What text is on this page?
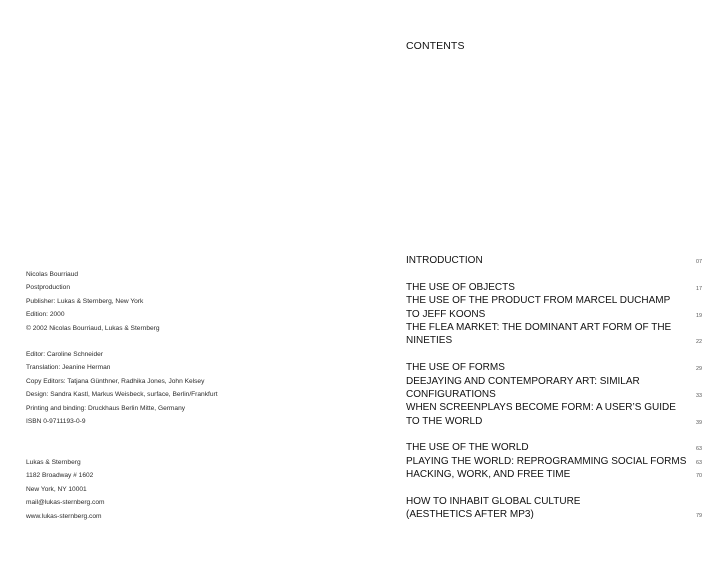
Nicolas Bourriaud
Postproduction
Publisher: Lukas & Sternberg, New York
Edition: 2000
© 2002 Nicolas Bourriaud, Lukas & Sternberg
Editor: Caroline Schneider
Translation: Jeanine Herman
Copy Editors: Tatjana Günthner, Radhika Jones, John Kelsey
Design: Sandra Kastl, Markus Weisbeck, surface, Berlin/Frankfurt
Printing and binding: Druckhaus Berlin Mitte, Germany
ISBN 0-9711193-0-9
Lukas & Sternberg
1182 Broadway # 1602
New York, NY 10001
mail@lukas-sternberg.com
www.lukas-sternberg.com
CONTENTS
INTRODUCTION	07
THE USE OF OBJECTS	17
THE USE OF THE PRODUCT FROM MARCEL DUCHAMP
TO JEFF KOONS	19
THE FLEA MARKET: THE DOMINANT ART FORM OF THE
NINETIES	22
THE USE OF FORMS	29
DEEJAYING AND CONTEMPORARY ART: SIMILAR
CONFIGURATIONS	33
WHEN SCREENPLAYS BECOME FORM: A USER’S GUIDE
TO THE WORLD	39
THE USE OF THE WORLD	63
PLAYING THE WORLD: REPROGRAMMING SOCIAL FORMS 63
HACKING, WORK, AND FREE TIME	70
HOW TO INHABIT GLOBAL CULTURE
(AESTHETICS AFTER MP3)	79
